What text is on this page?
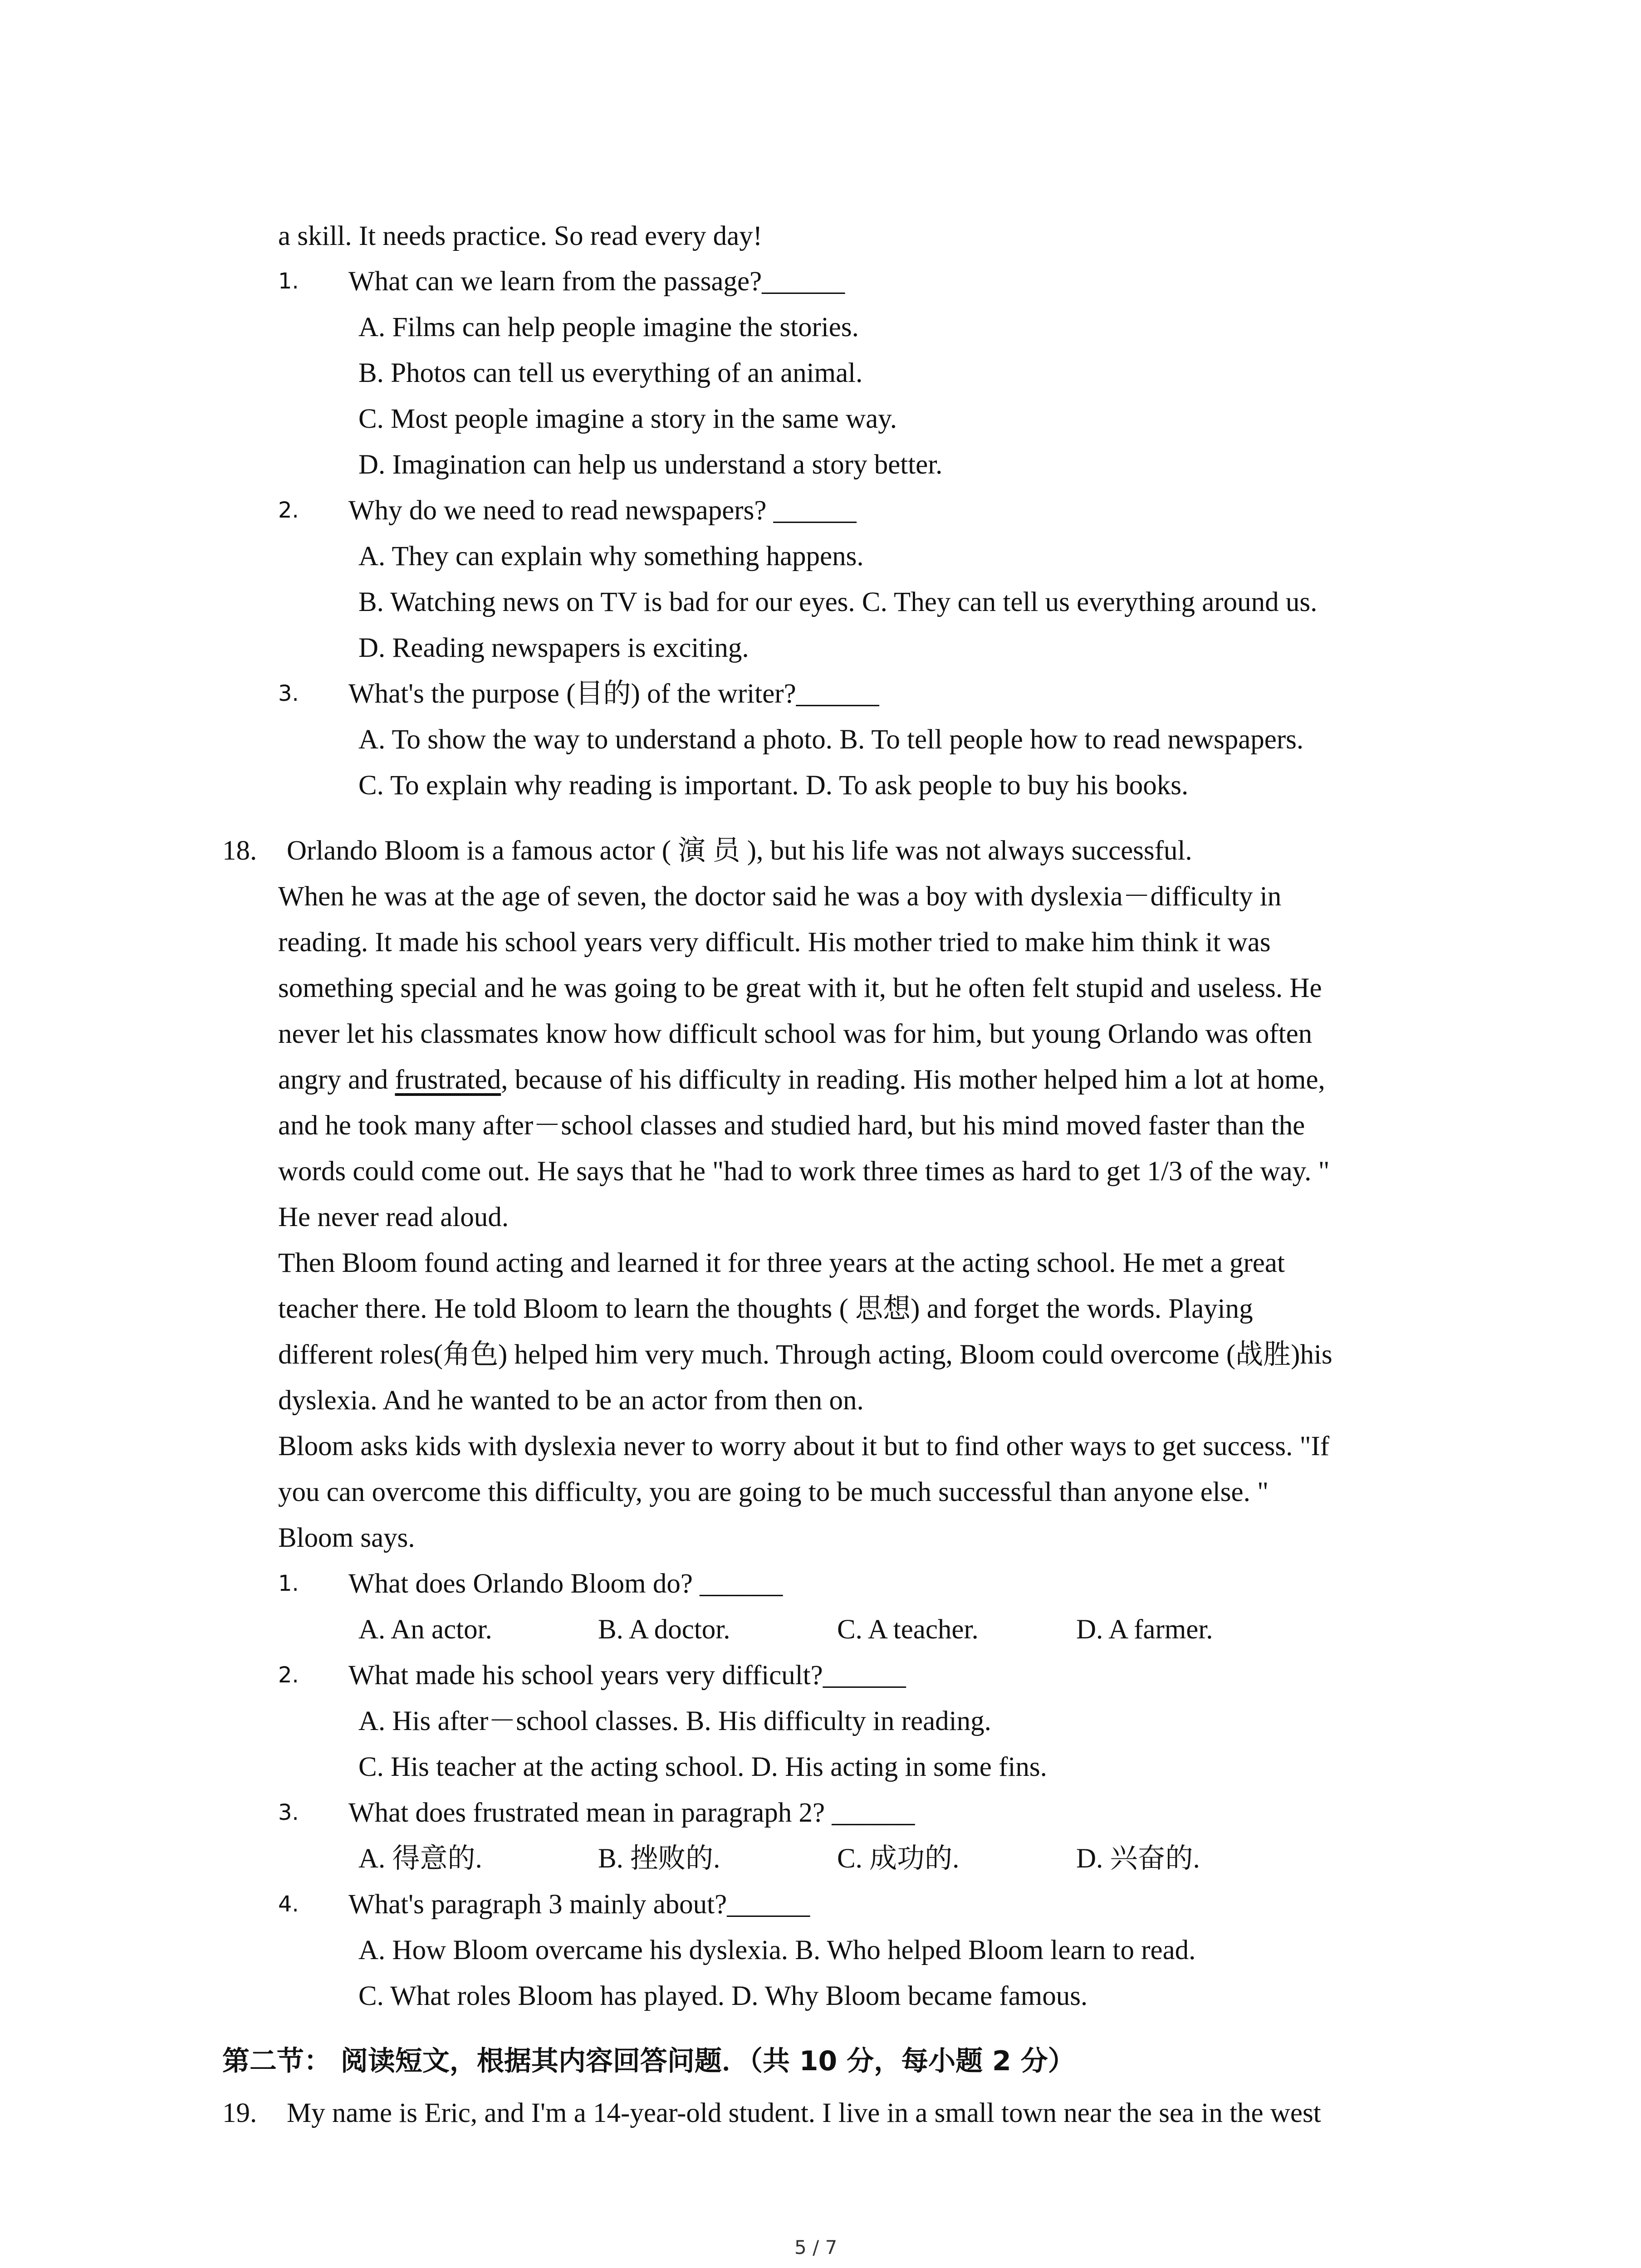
a skill. It needs practice. So read every day!
1. What can we learn from the passage?______
A. Films can help people imagine the stories.
B. Photos can tell us everything of an animal.
C. Most people imagine a story in the same way.
D. Imagination can help us understand a story better.
2. Why do we need to read newspapers? ______
A. They can explain why something happens.
B. Watching news on TV is bad for our eyes. C. They can tell us everything around us.
D. Reading newspapers is exciting.
3. What's the purpose (目的) of the writer?______
A. To show the way to understand a photo. B. To tell people how to read newspapers.
C. To explain why reading is important. D. To ask people to buy his books.
18. Orlando Bloom is a famous actor ( 演 员 ), but his life was not always successful.
When he was at the age of seven, the doctor said he was a boy with dyslexia－difficulty in
reading. It made his school years very difficult. His mother tried to make him think it was
something special and he was going to be great with it, but he often felt stupid and useless. He
never let his classmates know how difficult school was for him, but young Orlando was often
angry and frustrated, because of his difficulty in reading. His mother helped him a lot at home,
and he took many after－school classes and studied hard, but his mind moved faster than the
words could come out. He says that he "had to work three times as hard to get 1/3 of the way. "
He never read aloud.
Then Bloom found acting and learned it for three years at the acting school. He met a great
teacher there. He told Bloom to learn the thoughts ( 思想) and forget the words. Playing
different roles(角色) helped him very much. Through acting, Bloom could overcome (战胜)his
dyslexia. And he wanted to be an actor from then on.
Bloom asks kids with dyslexia never to worry about it but to find other ways to get success. "If
you can overcome this difficulty, you are going to be much successful than anyone else. "
Bloom says.
1. What does Orlando Bloom do? ______
A. An actor.	B. A doctor.	C. A teacher.	D. A farmer.
2. What made his school years very difficult?______
A. His after－school classes. B. His difficulty in reading.
C. His teacher at the acting school. D. His acting in some fins.
3. What does frustrated mean in paragraph 2? ______
A. 得意的.	B. 挫败的.	C. 成功的.	D. 兴奋的.
4. What's paragraph 3 mainly about?______
A. How Bloom overcame his dyslexia. B. Who helped Bloom learn to read.
C. What roles Bloom has played. D. Why Bloom became famous.
第二节： 阅读短文，根据其内容回答问题．（共 10 分，每小题 2 分）
19. My name is Eric, and I'm a 14-year-old student. I live in a small town near the sea in the west
5 / 7
